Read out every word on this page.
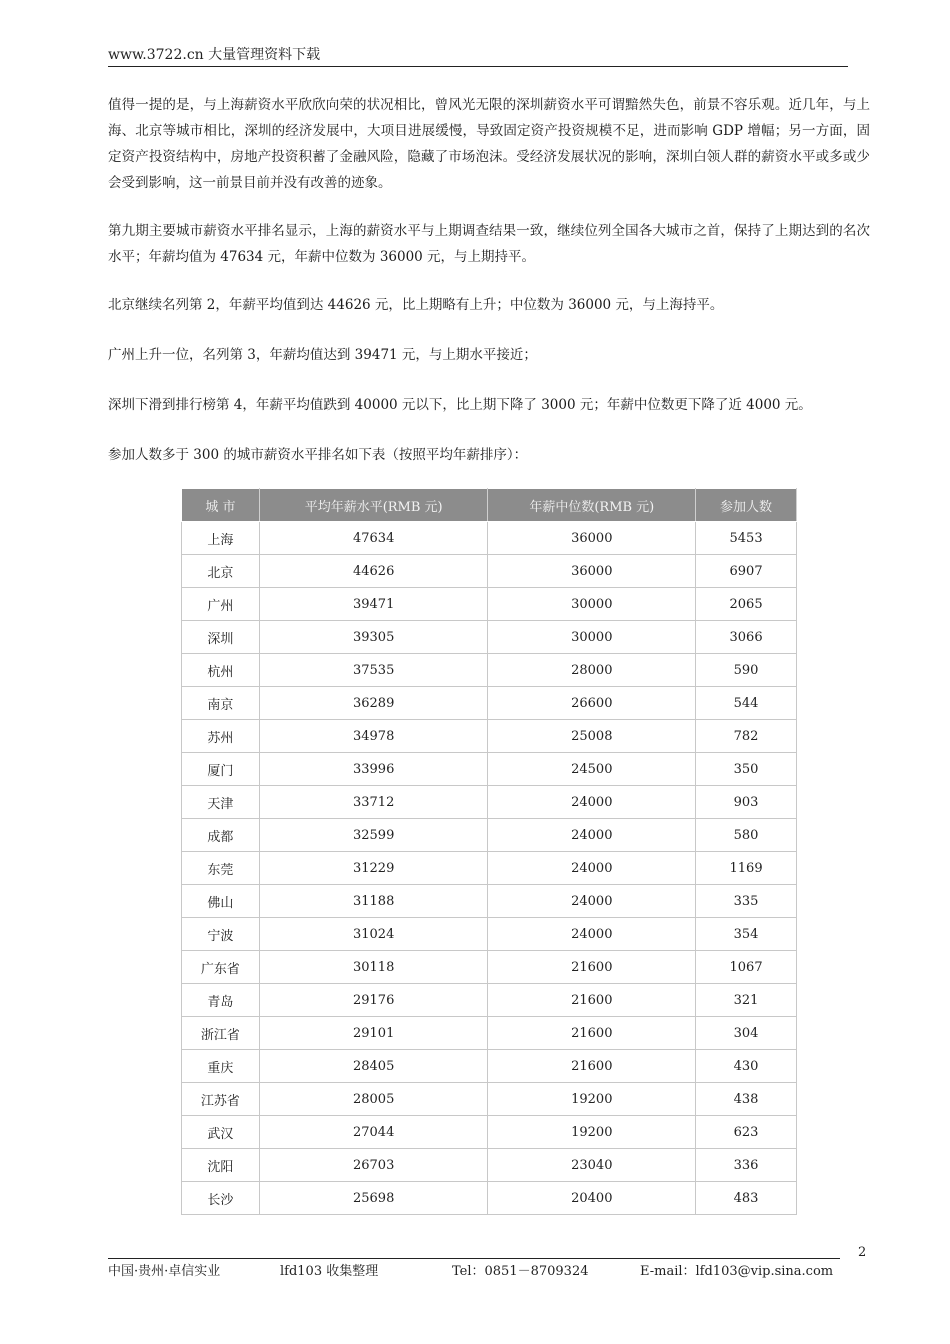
www.3722.cn 大量管理资料下载

值得一提的是，与上海薪资水平欣欣向荣的状况相比，曾风光无限的深圳薪资水平可谓黯然失色，前景不容乐观。近几年，与上海、北京等城市相比，深圳的经济发展中，大项目进展缓慢，导致固定资产投资规模不足，进而影响 GDP 增幅；另一方面，固定资产投资结构中，房地产投资积蓄了金融风险，隐藏了市场泡沫。受经济发展状况的影响，深圳白领人群的薪资水平或多或少会受到影响，这一前景目前并没有改善的迹象。

第九期主要城市薪资水平排名显示，上海的薪资水平与上期调查结果一致，继续位列全国各大城市之首，保持了上期达到的名次水平；年薪均值为 47634 元，年薪中位数为 36000 元，与上期持平。

北京继续名列第 2，年薪平均值到达 44626 元，比上期略有上升；中位数为 36000 元，与上海持平。

广州上升一位，名列第 3，年薪均值达到 39471 元，与上期水平接近；

深圳下滑到排行榜第 4，年薪平均值跌到 40000 元以下，比上期下降了 3000 元；年薪中位数更下降了近 4000 元。

参加人数多于 300 的城市薪资水平排名如下表（按照平均年薪排序）：

城 市	平均年薪水平(RMB 元)	年薪中位数(RMB 元)	参加人数
上海	47634	36000	5453
北京	44626	36000	6907
广州	39471	30000	2065
深圳	39305	30000	3066
杭州	37535	28000	590
南京	36289	26600	544
苏州	34978	25008	782
厦门	33996	24500	350
天津	33712	24000	903
成都	32599	24000	580
东莞	31229	24000	1169
佛山	31188	24000	335
宁波	31024	24000	354
广东省	30118	21600	1067
青岛	29176	21600	321
浙江省	29101	21600	304
重庆	28405	21600	430
江苏省	28005	19200	438
武汉	27044	19200	623
沈阳	26703	23040	336
长沙	25698	20400	483
2
中国·贵州·卓信实业	lfd103 收集整理	Tel：0851－8709324	E-mail：lfd103@vip.sina.com
